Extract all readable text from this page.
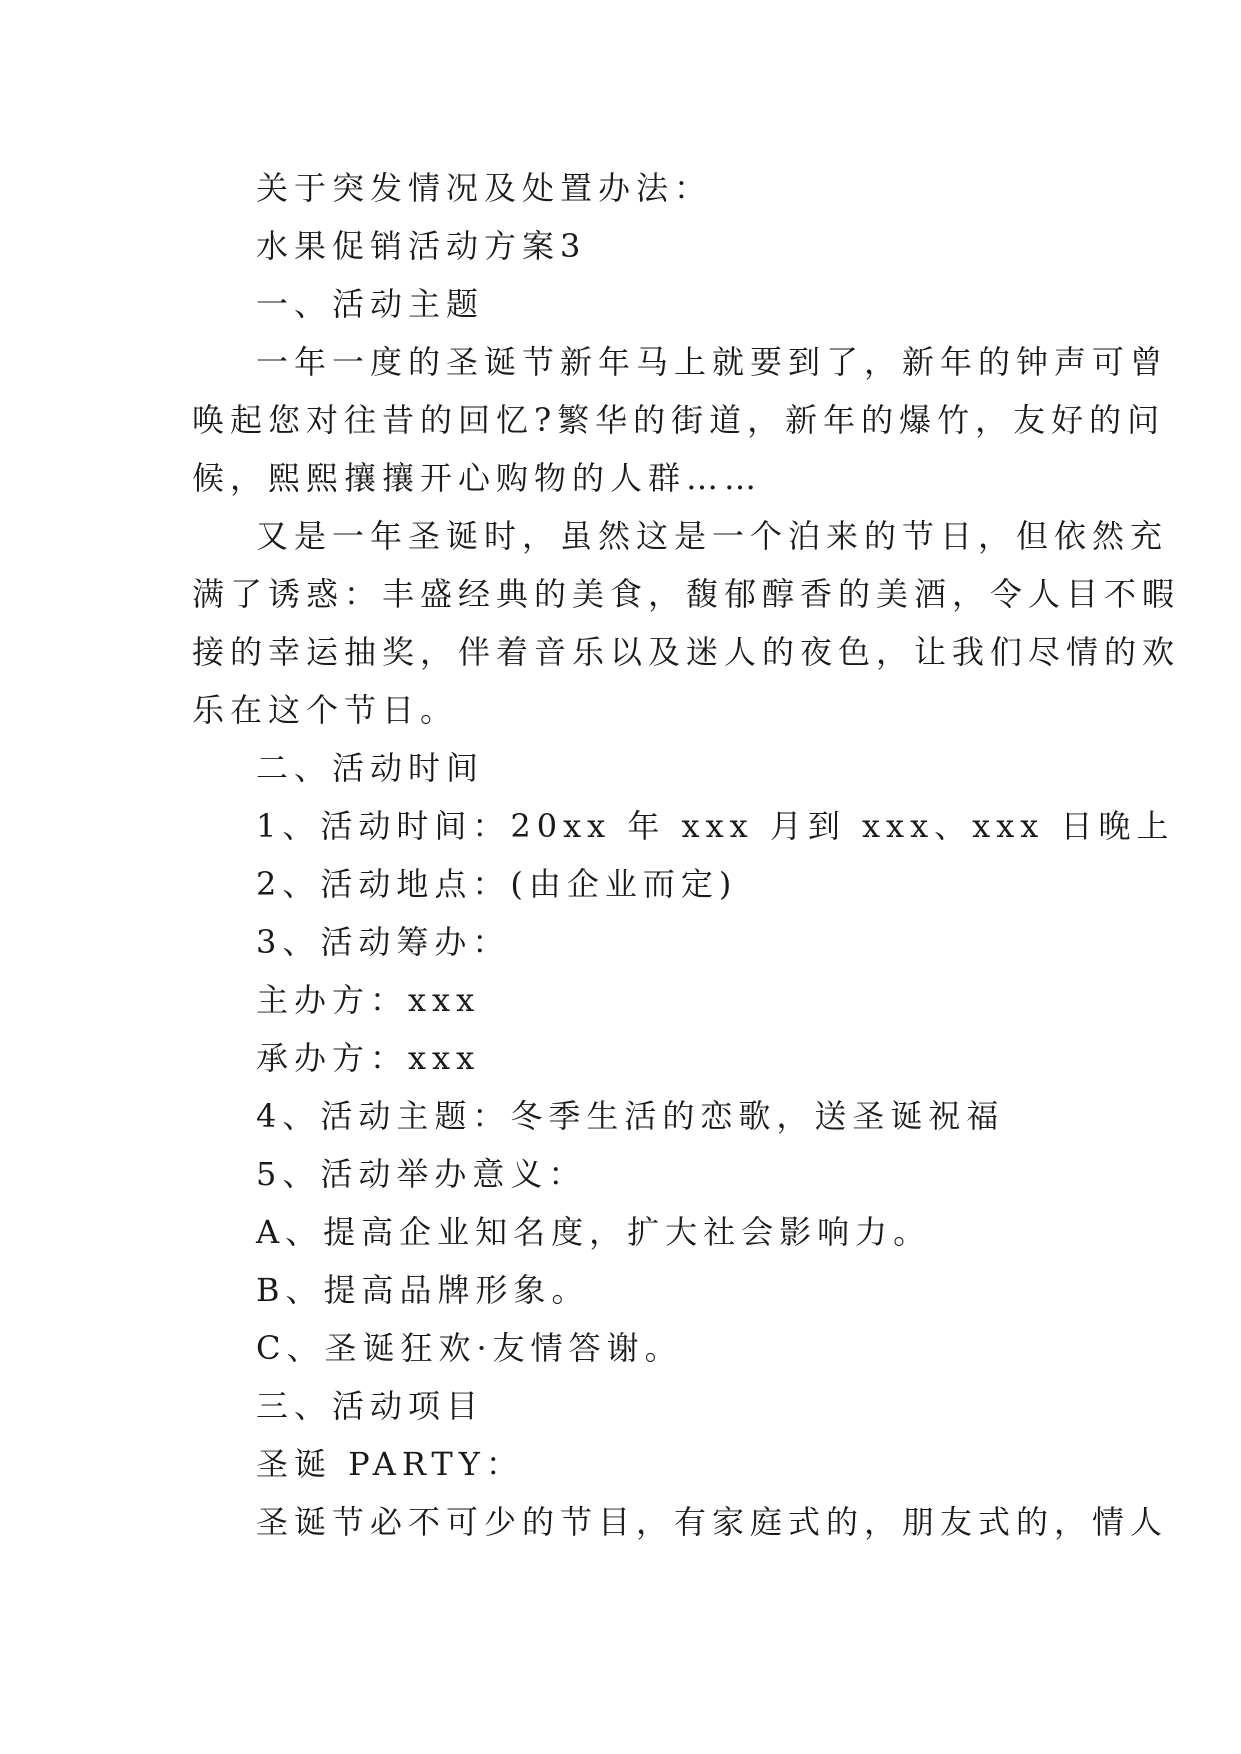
关于突发情况及处置办法：
水果促销活动方案3
一、活动主题
一年一度的圣诞节新年马上就要到了，新年的钟声可曾
唤起您对往昔的回忆?繁华的街道，新年的爆竹，友好的问
候，熙熙攘攘开心购物的人群……
又是一年圣诞时，虽然这是一个泊来的节日，但依然充
满了诱惑：丰盛经典的美食，馥郁醇香的美酒，令人目不暇
接的幸运抽奖，伴着音乐以及迷人的夜色，让我们尽情的欢
乐在这个节日。
二、活动时间
1、活动时间：20xx 年 xxx 月到 xxx、xxx 日晚上
2、活动地点：(由企业而定)
3、活动筹办：
主办方：xxx
承办方：xxx
4、活动主题：冬季生活的恋歌，送圣诞祝福
5、活动举办意义：
A、提高企业知名度，扩大社会影响力。
B、提高品牌形象。
C、圣诞狂欢·友情答谢。
三、活动项目
圣诞 PARTY：
圣诞节必不可少的节目，有家庭式的，朋友式的，情人
